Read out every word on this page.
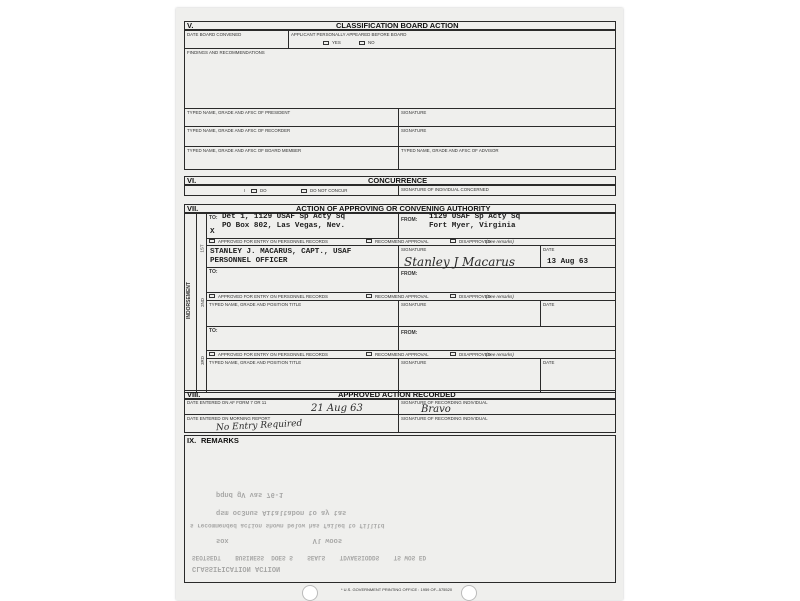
V.	CLASSIFICATION BOARD ACTION
DATE BOARD CONVENED	APPLICANT PERSONALLY APPEARED BEFORE BOARD
YES	NO
FINDINGS AND RECOMMENDATIONS
TYPED NAME, GRADE AND AFSC OF PRESIDENT	SIGNATURE
TYPED NAME, GRADE AND AFSC OF RECORDER	SIGNATURE
TYPED NAME, GRADE AND AFSC OF BOARD MEMBER	TYPED NAME, GRADE AND AFSC OF ADVISOR
VI.	CONCURRENCE
I	DO	DO NOT CONCUR	SIGNATURE OF INDIVIDUAL CONCERNED
VII.	ACTION OF APPROVING OR CONVENING AUTHORITY
INDORSEMENT
1ST
2ND
3RD
TO: Det 1, 1129 USAF Sp Acty Sq
PO Box 802, Las Vegas, Nev.
X
FROM: 1129 USAF Sp Acty Sq
Fort Myer, Virginia
APPROVED FOR ENTRY ON PERSONNEL RECORDS	RECOMMEND APPROVAL	DISAPPROVED
(See remarks)
STANLEY J. MACARUS, CAPT., USAF
PERSONNEL OFFICER
SIGNATURE
Stanley J Macarus
DATE
13 Aug 63
TO:	FROM:
APPROVED FOR ENTRY ON PERSONNEL RECORDS	RECOMMEND APPROVAL	DISAPPROVED
(See remarks)
TYPED NAME, GRADE AND POSITION TITLE	SIGNATURE	DATE
TO:	FROM:
APPROVED FOR ENTRY ON PERSONNEL RECORDS	RECOMMEND APPROVAL	DISAPPROVED
(See remarks)
TYPED NAME, GRADE AND POSITION TITLE	SIGNATURE	DATE
VIII.	APPROVED ACTION RECORDED
DATE ENTERED ON AF FORM 7 OR 11
21 Aug 63
SIGNATURE OF RECORDING INDIVIDUAL
Bravo
DATE ENTERED ON MORNING REPORT
No Entry Required
SIGNATURE OF RECORDING INDIVIDUAL
IX. REMARKS
pqnd gV vas 76-1
qsm oc3nus Aitaltabon to ay tas
s recommended action shown below has failed to fillitd
sox                    Vl woos
SEOTSEDT    BUSINESS  DOES S    SEALS    TDVAESIODDS    TS WOS ED
CLASSIFICATION ACTION
* U.S. GOVERNMENT PRINTING OFFICE : 1959 OF--575520
